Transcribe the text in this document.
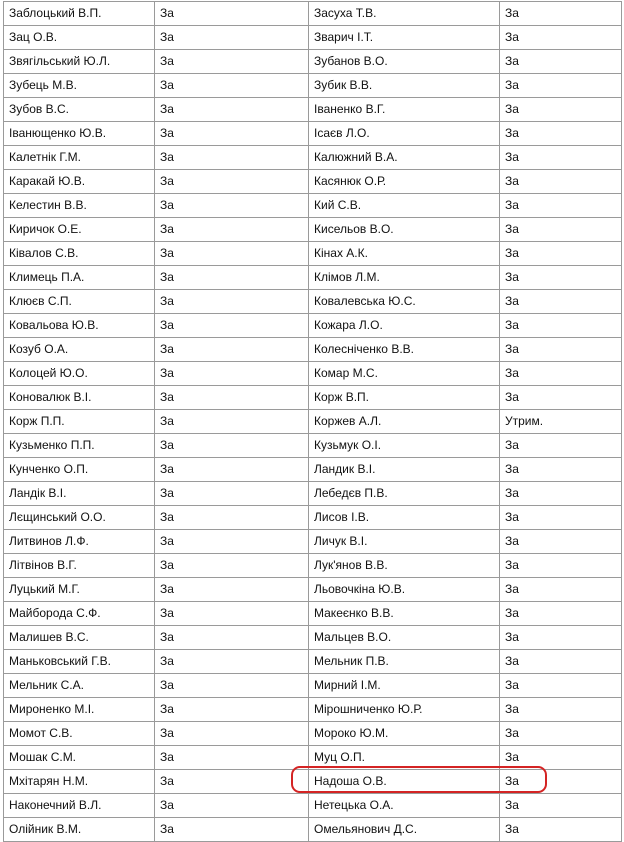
Заблоцький В.П.	За	Засуха Т.В.	За
Зац О.В.	За	Зварич І.Т.	За
Звягільський Ю.Л.	За	Зубанов В.О.	За
Зубець М.В.	За	Зубик В.В.	За
Зубов В.С.	За	Іваненко В.Г.	За
Іванющенко Ю.В.	За	Ісаєв Л.О.	За
Калетнік Г.М.	За	Калюжний В.А.	За
Каракай Ю.В.	За	Касянюк О.Р.	За
Келестин В.В.	За	Кий С.В.	За
Киричок О.Е.	За	Кисельов В.О.	За
Ківалов С.В.	За	Кінах А.К.	За
Климець П.А.	За	Клімов Л.М.	За
Клюєв С.П.	За	Ковалевська Ю.С.	За
Ковальова Ю.В.	За	Кожара Л.О.	За
Козуб О.А.	За	Колесніченко В.В.	За
Колоцей Ю.О.	За	Комар М.С.	За
Коновалюк В.І.	За	Корж В.П.	За
Корж П.П.	За	Коржев А.Л.	Утрим.
Кузьменко П.П.	За	Кузьмук О.І.	За
Кунченко О.П.	За	Ландик В.І.	За
Ландік В.І.	За	Лебедєв П.В.	За
Лєщинський О.О.	За	Лисов І.В.	За
Литвинов Л.Ф.	За	Личук В.І.	За
Літвінов В.Г.	За	Лук'янов В.В.	За
Луцький М.Г.	За	Льовочкіна Ю.В.	За
Майборода С.Ф.	За	Макеєнко В.В.	За
Малишев В.С.	За	Мальцев В.О.	За
Маньковський Г.В.	За	Мельник П.В.	За
Мельник С.А.	За	Мирний І.М.	За
Мироненко М.І.	За	Мірошниченко Ю.Р.	За
Момот С.В.	За	Мороко Ю.М.	За
Мошак С.М.	За	Муц О.П.	За
Мхітарян Н.М.	За	Надоша О.В.	За
Наконечний В.Л.	За	Нетецька О.А.	За
Олійник В.М.	За	Омельянович Д.С.	За
